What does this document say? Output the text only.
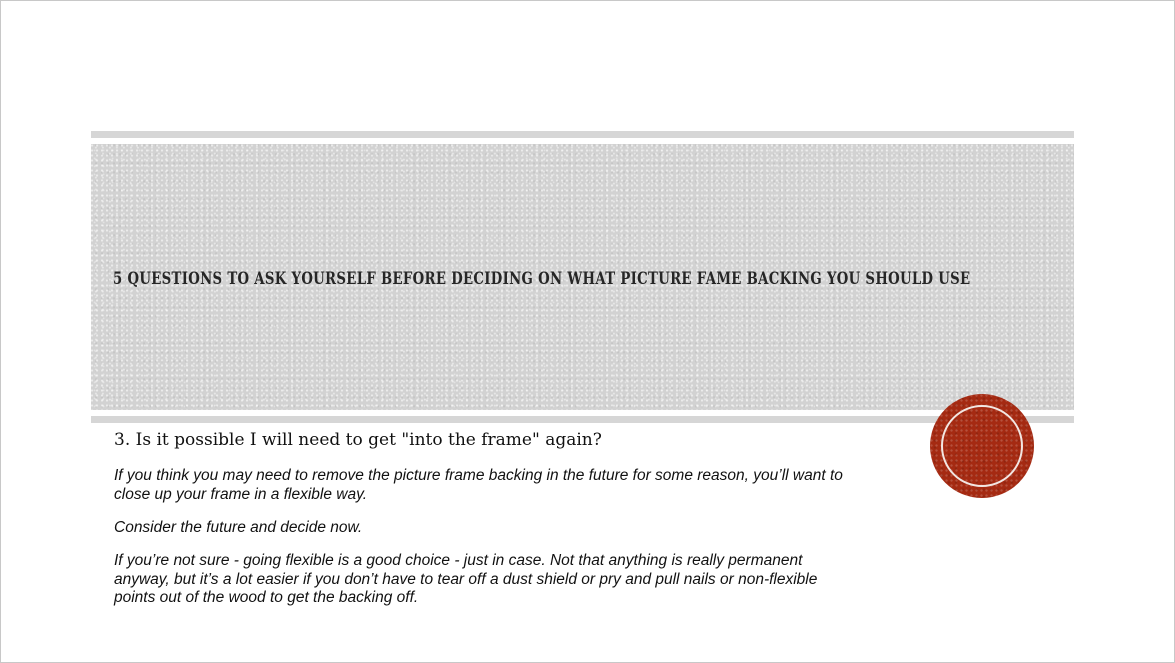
5 QUESTIONS TO ASK YOURSELF BEFORE DECIDING ON WHAT PICTURE FAME BACKING YOU SHOULD USE
3. Is it possible I will need to get "into the frame" again?

If you think you may need to remove the picture frame backing in the future for some reason, you’ll want to close up your frame in a flexible way.

Consider the future and decide now.

If you’re not sure - going flexible is a good choice - just in case. Not that anything is really permanent anyway, but it’s a lot easier if you don’t have to tear off a dust shield or pry and pull nails or non-flexible points out of the wood to get the backing off.
